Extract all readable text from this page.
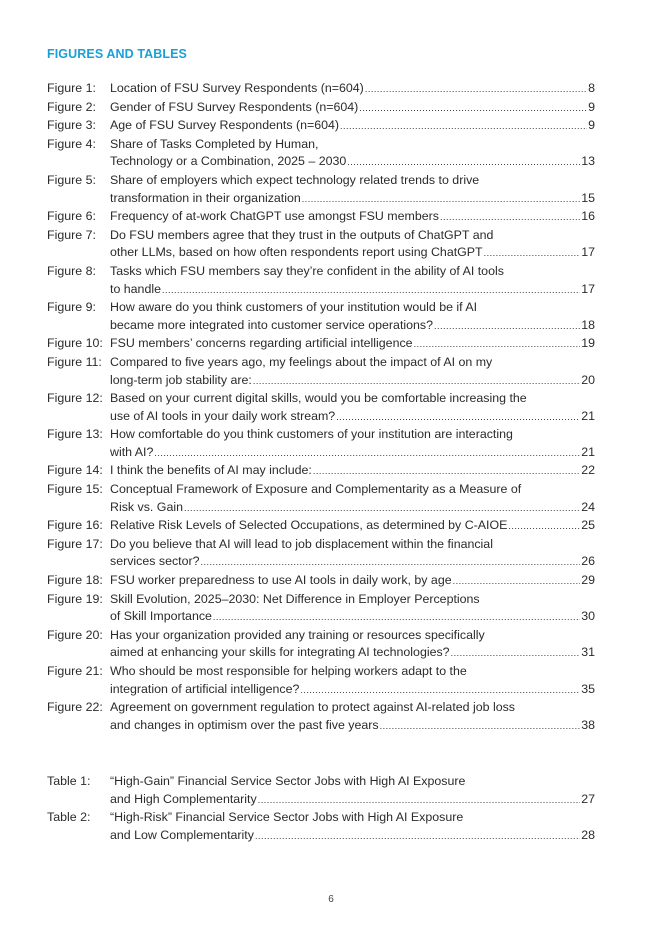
FIGURES AND TABLES
Figure 1:	Location of FSU Survey Respondents (n=604) .....	8
Figure 2:	Gender of FSU Survey Respondents (n=604) .....	9
Figure 3:	Age of FSU Survey Respondents (n=604) .....	9
Figure 4:	Share of Tasks Completed by Human,
Technology or a Combination, 2025 – 2030 .....	13
Figure 5:	Share of employers which expect technology related trends to drive
transformation in their organization .....	15
Figure 6:	Frequency of at-work ChatGPT use amongst FSU members .....	16
Figure 7:	Do FSU members agree that they trust in the outputs of ChatGPT and
other LLMs, based on how often respondents report using ChatGPT .....	17
Figure 8:	Tasks which FSU members say they’re confident in the ability of AI tools
to handle .....	17
Figure 9:	How aware do you think customers of your institution would be if AI
became more integrated into customer service operations? .....	18
Figure 10: FSU members’ concerns regarding artificial intelligence .....	19
Figure 11: Compared to five years ago, my feelings about the impact of AI on my
long-term job stability are: .....	20
Figure 12: Based on your current digital skills, would you be comfortable increasing the
use of AI tools in your daily work stream? .....	21
Figure 13: How comfortable do you think customers of your institution are interacting
with AI? .....	21
Figure 14: I think the benefits of AI may include: .....	22
Figure 15: Conceptual Framework of Exposure and Complementarity as a Measure of
Risk vs. Gain .....	24
Figure 16: Relative Risk Levels of Selected Occupations, as determined by C-AIOE .....	25
Figure 17: Do you believe that AI will lead to job displacement within the financial
services sector? .....	26
Figure 18: FSU worker preparedness to use AI tools in daily work, by age .....	29
Figure 19: Skill Evolution, 2025–2030: Net Difference in Employer Perceptions
of Skill Importance .....	30
Figure 20: Has your organization provided any training or resources specifically
aimed at enhancing your skills for integrating AI technologies? .....	31
Figure 21: Who should be most responsible for helping workers adapt to the
integration of artificial intelligence? .....	35
Figure 22: Agreement on government regulation to protect against AI-related job loss
and changes in optimism over the past five years .....	38
Table 1:	“High-Gain” Financial Service Sector Jobs with High AI Exposure
and High Complementarity .....	27
Table 2:	“High-Risk” Financial Service Sector Jobs with High AI Exposure
and Low Complementarity .....	28
6
